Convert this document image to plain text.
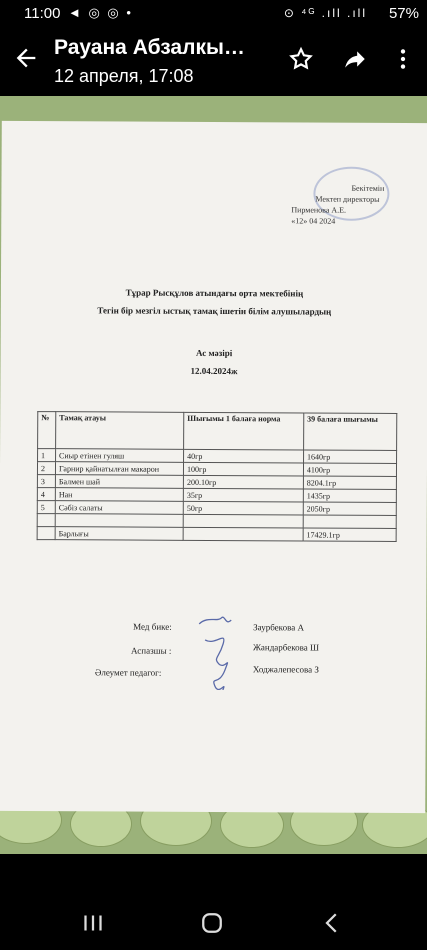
11:00 ◄ ◎ ◎ •	⊙ ⁴ᴳ .ıll .ıll 57%
Рауана Абзалкы…
12 апреля, 17:08
Бекітемін
Мектеп директоры
Пирменова А.Е.
«12» 04 2024
Тұрар Рысқұлов атындағы орта мектебінің
Тегін бір мезгіл ыстық тамақ ішетін білім алушылардың
Ас мәзірі
12.04.2024ж
№	Тамақ атауы	Шығымы 1 балаға норма	39 балаға шығымы
1	Сиыр етінен гуляш	40гр	1640гр
2	Гарнир қайнатылған макарон	100гр	4100гр
3	Балмен шай	200.10гр	8204.1гр
4	Нан	35гр	1435гр
5	Сәбіз салаты	50гр	2050гр

	Барлығы		17429.1гр
Мед бике:	Заурбекова А
Аспазшы :	Жандарбекова Ш
Әлеумет педагог:	Ходжалепесова З
